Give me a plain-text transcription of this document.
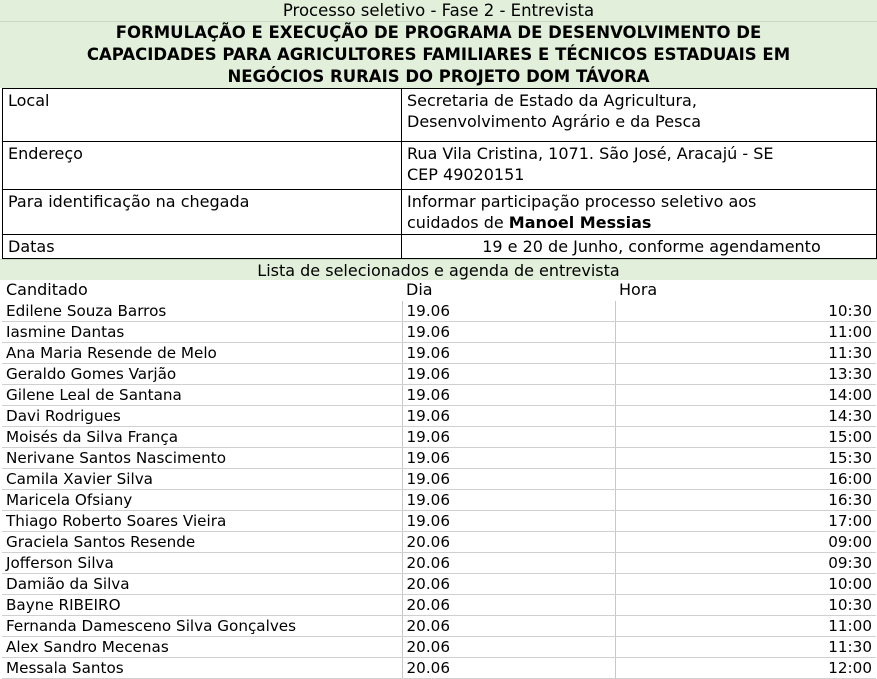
Processo seletivo - Fase 2 - Entrevista
FORMULAÇÃO E EXECUÇÃO DE PROGRAMA DE DESENVOLVIMENTO DE
CAPACIDADES PARA AGRICULTORES FAMILIARES E TÉCNICOS ESTADUAIS EM
NEGÓCIOS RURAIS DO PROJETO DOM TÁVORA
Local	Secretaria de Estado da Agricultura,
Desenvolvimento Agrário e da Pesca

Endereço	Rua Vila Cristina, 1071. São José, Aracajú - SE
CEP 49020151

Para identificação na chegada	Informar participação processo seletivo aos
cuidados de Manoel Messias

Datas	19 e 20 de Junho, conforme agendamento
Lista de selecionados e agenda de entrevista
Canditado	Dia	Hora
Edilene Souza Barros	19.06	10:30
Iasmine Dantas	19.06	11:00
Ana Maria Resende de Melo	19.06	11:30
Geraldo Gomes Varjão	19.06	13:30
Gilene Leal de Santana	19.06	14:00
Davi Rodrigues	19.06	14:30
Moisés da Silva França	19.06	15:00
Nerivane Santos Nascimento	19.06	15:30
Camila Xavier Silva	19.06	16:00
Maricela Ofsiany	19.06	16:30
Thiago Roberto Soares Vieira	19.06	17:00
Graciela Santos Resende	20.06	09:00
Jofferson Silva	20.06	09:30
Damião da Silva	20.06	10:00
Bayne RIBEIRO	20.06	10:30
Fernanda Damesceno Silva Gonçalves	20.06	11:00
Alex Sandro Mecenas	20.06	11:30
Messala Santos	20.06	12:00
